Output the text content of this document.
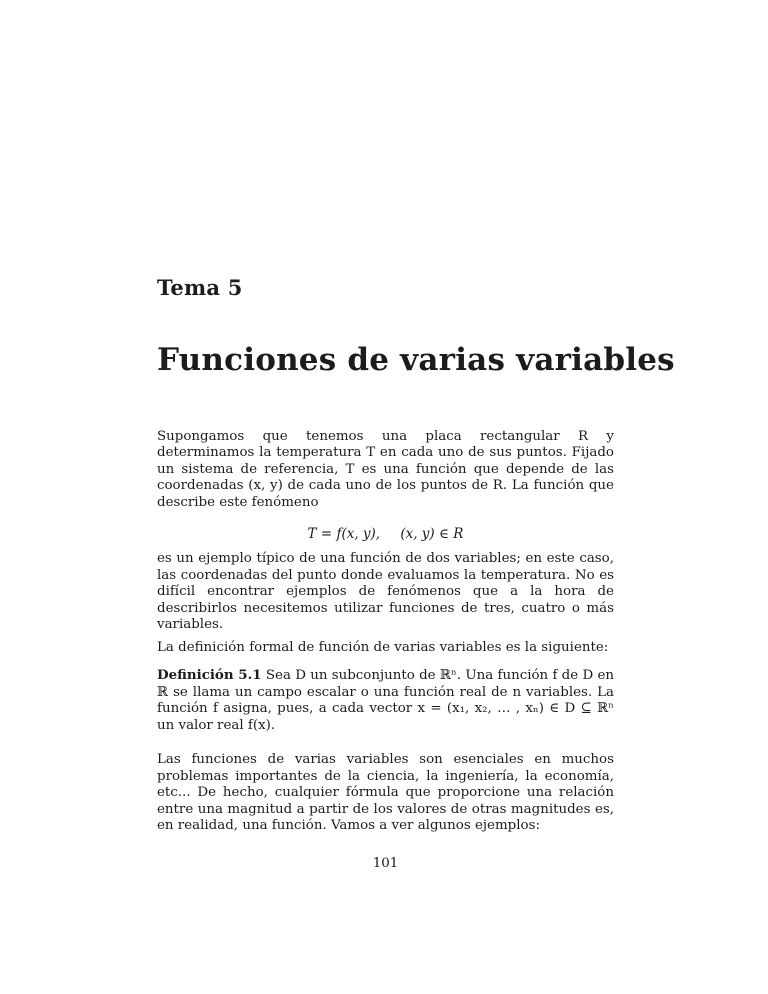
Tema 5
Funciones de varias variables

Supongamos que tenemos una placa rectangular R y determinamos la temperatura T en cada uno de sus puntos. Fijado un sistema de referencia, T es una función que depende de las coordenadas (x, y) de cada uno de los puntos de R. La función que describe este fenómeno

T = f(x, y),  (x, y) ∈ R

es un ejemplo típico de una función de dos variables; en este caso, las coordenadas del punto donde evaluamos la temperatura. No es difícil encontrar ejemplos de fenómenos que a la hora de describirlos necesitemos utilizar funciones de tres, cuatro o más variables.

La definición formal de función de varias variables es la siguiente:

Definición 5.1 Sea D un subconjunto de ℝⁿ. Una función f de D en ℝ se llama un campo escalar o una función real de n variables. La función f asigna, pues, a cada vector x = (x₁, x₂, … , xₙ) ∈ D ⊆ ℝⁿ un valor real f(x).

Las funciones de varias variables son esenciales en muchos problemas importantes de la ciencia, la ingeniería, la economía, etc... De hecho, cualquier fórmula que proporcione una relación entre una magnitud a partir de los valores de otras magnitudes es, en realidad, una función. Vamos a ver algunos ejemplos:

101
